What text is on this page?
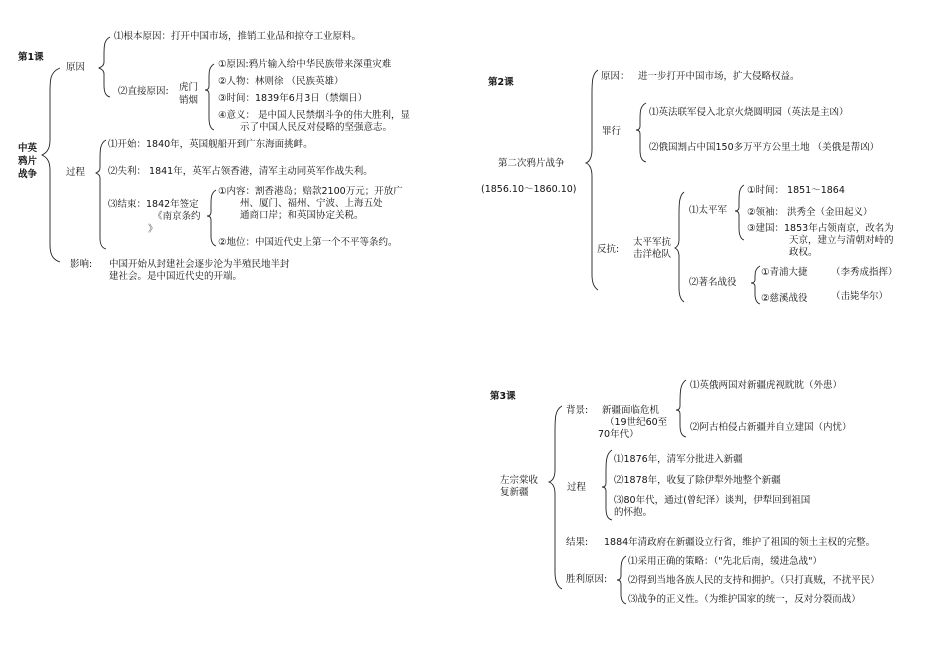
第1课
中英
鸦片
战争
原因
⑴根本原因：打开中国市场，推销工业品和掠夺工业原料。
⑵直接原因: 虎门
销烟
①原因:鸦片输入给中华民族带来深重灾难
②人物：林则徐 （民族英雄）
③时间：1839年6月3日（禁烟日）
④意义： 是中国人民禁烟斗争的伟大胜利，显
示了中国人民反对侵略的坚强意志。
过程
⑴开始：1840年，英国舰船开到广东海面挑衅。
⑵失利： 1841年，英军占领香港，清军主动同英军作战失利。
⑶结束：1842年签定
《南京条约
》
①内容：割香港岛；赔款2100万元；开放广
州、厦门、福州、宁波、上海五处
通商口岸；和英国协定关税。
②地位：中国近代史上第一个不平等条约。
影响: 中国开始从封建社会逐步沦为半殖民地半封
建社会。是中国近代史的开端。
第2课
第二次鸦片战争
(1856.10～1860.10)
原因： 进一步打开中国市场，扩大侵略权益。
罪行
⑴英法联军侵入北京火烧圆明园（英法是主凶）
⑵俄国割占中国150多万平方公里土地 （美俄是帮凶）
反抗:
太平军抗
击洋枪队
⑴太平军
①时间： 1851～1864
②领袖： 洪秀全（金田起义）
③建国：1853年占领南京，改名为
天京，建立与清朝对峙的
政权。
⑵著名战役
①青浦大捷 （李秀成指挥）
②慈溪战役 （击毙华尔）
第3课
左宗棠收
复新疆
背景: 新疆面临危机
（19世纪60至
70年代）
⑴英俄两国对新疆虎视眈眈（外患）
⑵阿古柏侵占新疆并自立建国（内忧）
过程
⑴1876年，清军分批进入新疆
⑵1878年，收复了除伊犁外地整个新疆
⑶80年代，通过(曾纪泽）谈判，伊犁回到祖国
的怀抱。
结果: 1884年清政府在新疆设立行省，维护了祖国的领土主权的完整。
胜利原因:
⑴采用正确的策略：（"先北后南，缓进急战"）
⑵得到当地各族人民的支持和拥护。（只打真贼，不扰平民）
⑶战争的正义性。（为维护国家的统一，反对分裂而战）
